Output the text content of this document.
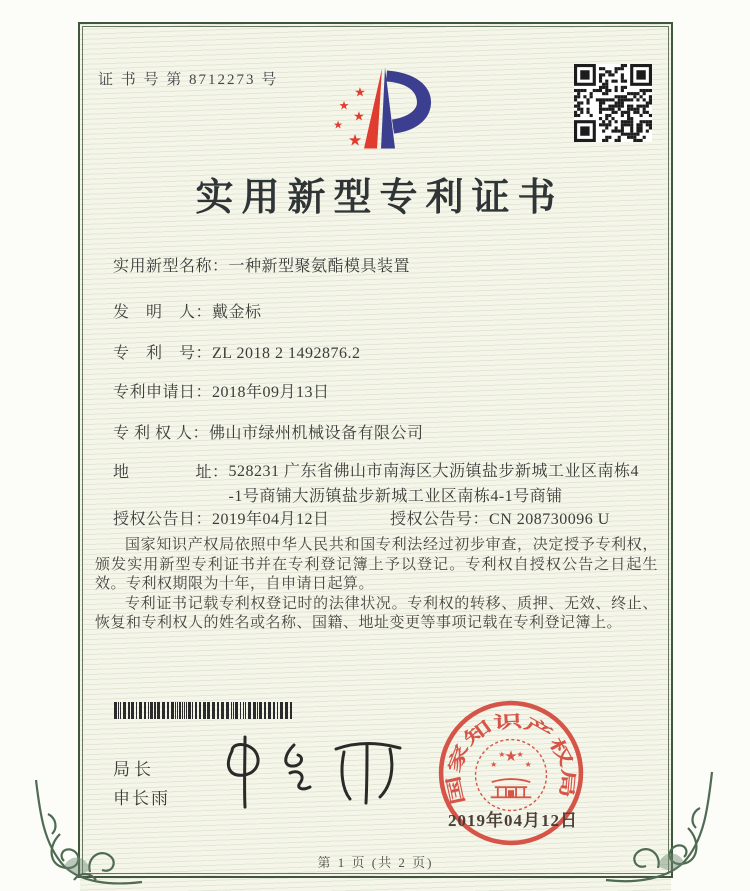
证 书 号 第 8712273 号
★
★
★
★
★
实用新型专利证书
实用新型名称：一种新型聚氨酯模具装置
发　明　人：戴金标
专　利　号：ZL 2018 2 1492876.2
专利申请日：2018年09月13日
专 利 权 人：佛山市绿州机械设备有限公司
地　　　　址：528231 广东省佛山市南海区大沥镇盐步新城工业区南栋4
-1号商铺大沥镇盐步新城工业区南栋4-1号商铺
授权公告日：2019年04月12日	授权公告号：CN 208730096 U

国家知识产权局依照中华人民共和国专利法经过初步审查，决定授予专利权，颁发实用新型专利证书并在专利登记簿上予以登记。专利权自授权公告之日起生效。专利权期限为十年，自申请日起算。

专利证书记载专利权登记时的法律状况。专利权的转移、质押、无效、终止、恢复和专利权人的姓名或名称、国籍、地址变更等事项记载在专利登记簿上。

局长
申长雨	国家知识产权局
★
★
★ ★
★
2019年04月12日
第 1 页 (共 2 页)
